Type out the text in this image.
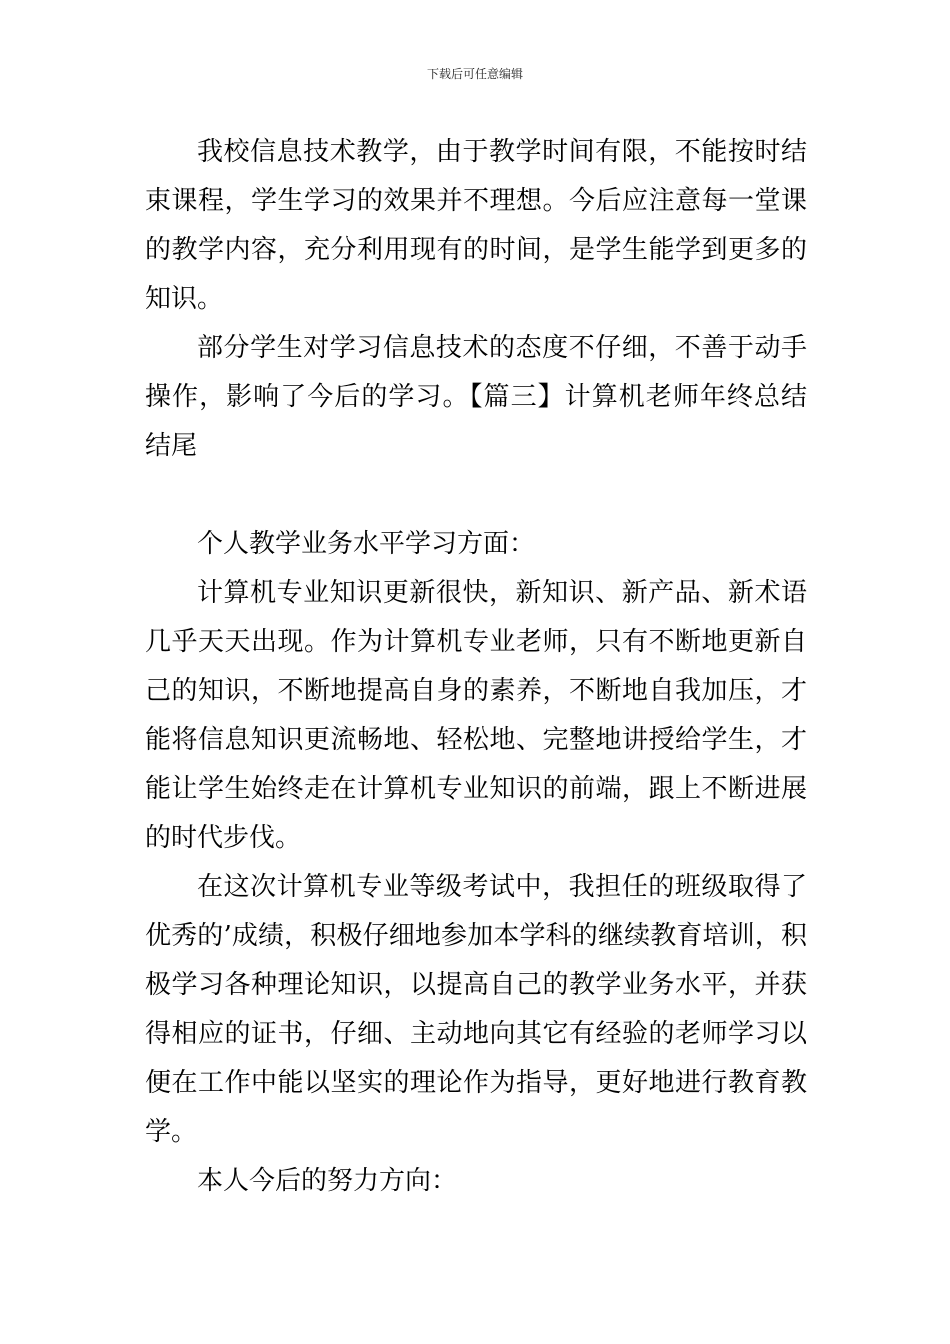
下载后可任意编辑

我校信息技术教学，由于教学时间有限，不能按时结束课程，学生学习的效果并不理想。今后应注意每一堂课的教学内容，充分利用现有的时间，是学生能学到更多的知识。

部分学生对学习信息技术的态度不仔细，不善于动手操作，影响了今后的学习。【篇三】计算机老师年终总结结尾

个人教学业务水平学习方面：

计算机专业知识更新很快，新知识、新产品、新术语几乎天天出现。作为计算机专业老师，只有不断地更新自己的知识，不断地提高自身的素养，不断地自我加压，才能将信息知识更流畅地、轻松地、完整地讲授给学生，才能让学生始终走在计算机专业知识的前端，跟上不断进展的时代步伐。

在这次计算机专业等级考试中，我担任的班级取得了优秀的’成绩，积极仔细地参加本学科的继续教育培训，积极学习各种理论知识，以提高自己的教学业务水平，并获得相应的证书，仔细、主动地向其它有经验的老师学习以便在工作中能以坚实的理论作为指导，更好地进行教育教学。

本人今后的努力方向：
